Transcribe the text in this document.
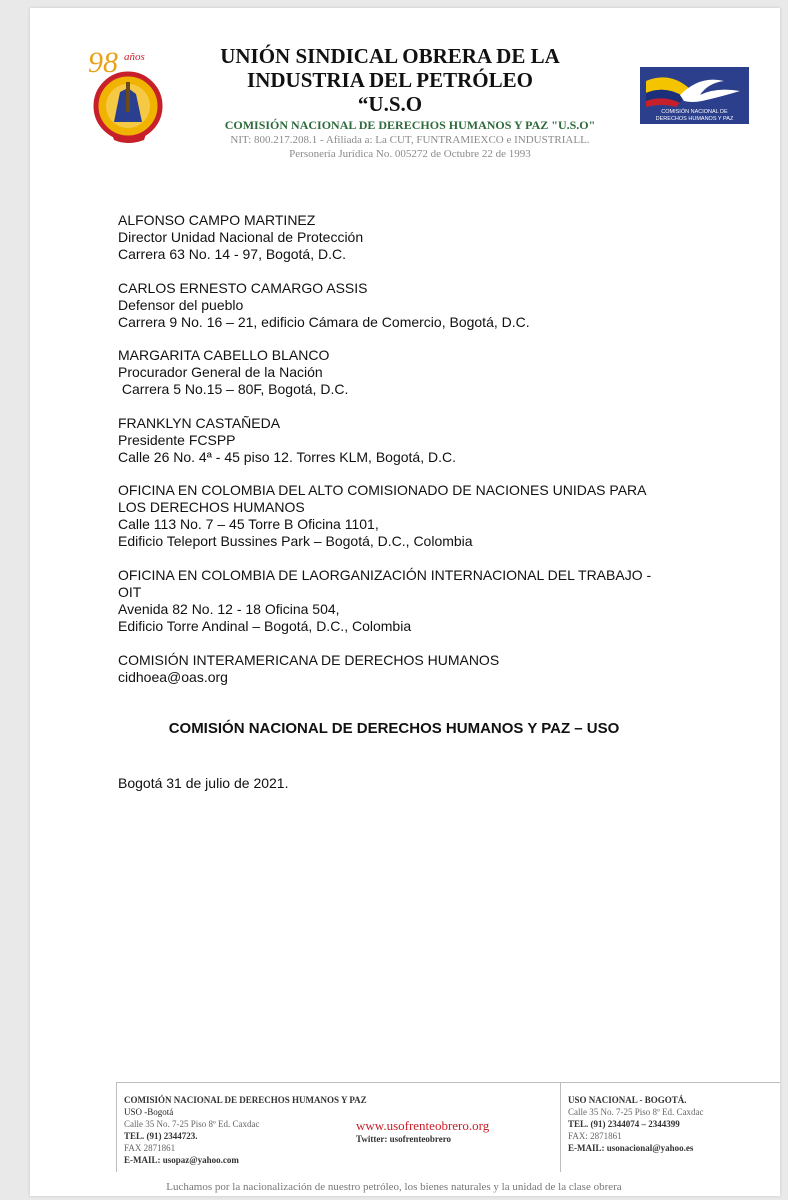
98 años	UNIÓN SINDICAL OBRERA DE LA
INDUSTRIA DEL PETRÓLEO
“U.S.O
COMISIÓN NACIONAL DE DERECHOS HUMANOS Y PAZ "U.S.O"
NIT: 800.217.208.1 - Afiliada a: La CUT, FUNTRAMIEXCO e INDUSTRIALL.
Personería Jurídica No. 005272 de Octubre 22 de 1993
COMISIÓN NACIONAL DE
DERECHOS HUMANOS Y PAZ
ALFONSO CAMPO MARTINEZ
Director Unidad Nacional de Protección
Carrera 63 No. 14 - 97, Bogotá, D.C.
CARLOS ERNESTO CAMARGO ASSIS
Defensor del pueblo
Carrera 9 No. 16 – 21, edificio Cámara de Comercio, Bogotá, D.C.
MARGARITA CABELLO BLANCO
Procurador General de la Nación
Carrera 5 No.15 – 80F, Bogotá, D.C.
FRANKLYN CASTAÑEDA
Presidente FCSPP
Calle 26 No. 4ª - 45 piso 12. Torres KLM, Bogotá, D.C.
OFICINA EN COLOMBIA DEL ALTO COMISIONADO DE NACIONES UNIDAS PARA
LOS DERECHOS HUMANOS
Calle 113 No. 7 – 45 Torre B Oficina 1101,
Edificio Teleport Bussines Park – Bogotá, D.C., Colombia
OFICINA EN COLOMBIA DE LAORGANIZACIÓN INTERNACIONAL DEL TRABAJO -
OIT
Avenida 82 No. 12 - 18 Oficina 504,
Edificio Torre Andinal – Bogotá, D.C., Colombia
COMISIÓN INTERAMERICANA DE DERECHOS HUMANOS
cidhoea@oas.org
COMISIÓN NACIONAL DE DERECHOS HUMANOS Y PAZ – USO
Bogotá 31 de julio de 2021.
COMISIÓN NACIONAL DE DERECHOS HUMANOS Y PAZ
USO -Bogotá
Calle 35 No. 7-25 Piso 8º Ed. Caxdac
TEL. (91) 2344723.
FAX 2871861
E-MAIL: usopaz@yahoo.com
www.usofrenteobrero.org
Twitter: usofrenteobrero
USO NACIONAL - BOGOTÁ.
Calle 35 No. 7-25 Piso 8º Ed. Caxdac
TEL. (91) 2344074 – 2344399
FAX: 2871861
E-MAIL: usonacional@yahoo.es
Luchamos por la nacionalización de nuestro petróleo, los bienes naturales y la unidad de la clase obrera
